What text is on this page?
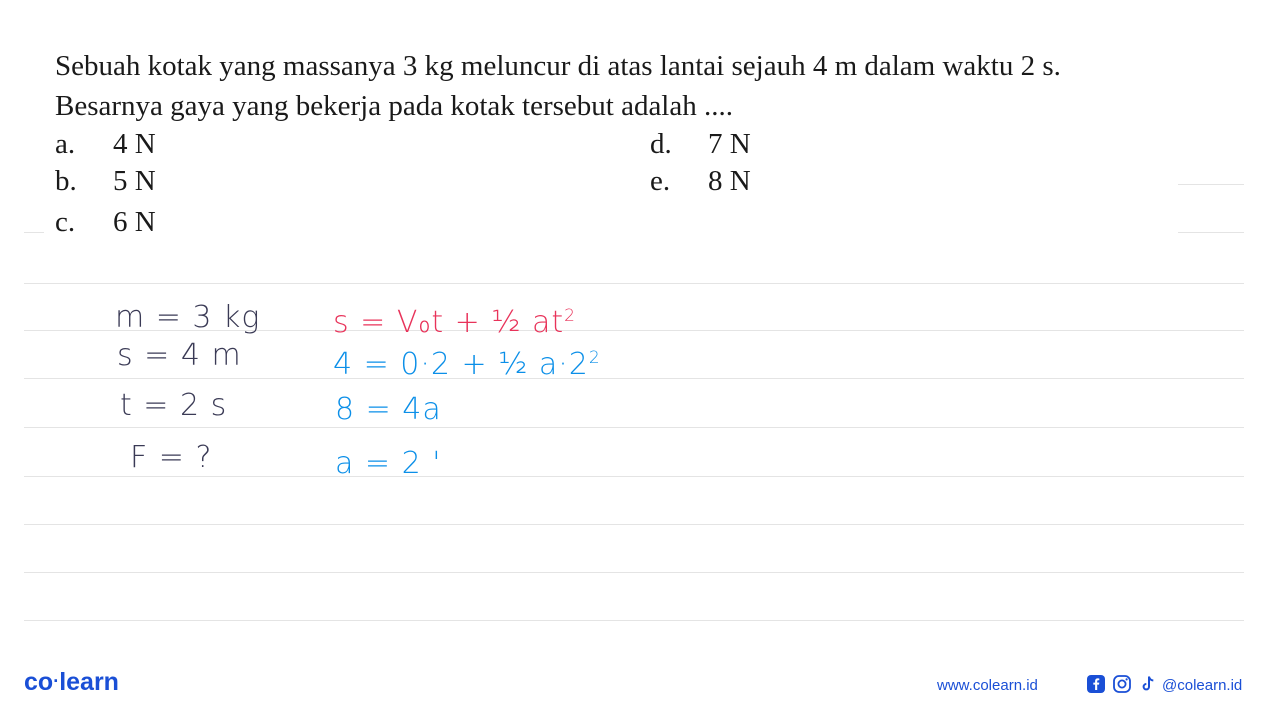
Sebuah kotak yang massanya 3 kg meluncur di atas lantai sejauh 4 m dalam waktu 2 s. Besarnya gaya yang bekerja pada kotak tersebut adalah ....

a. 4 N
b. 5 N
c. 6 N
d. 7 N
e. 8 N
m = 3 kg
s = 4 m
t = 2 s
F = ?
s = V₀t + ½ $at^2$
4 = 0·2 + ½ $a\cdot 2^2$
8 = 4a
a = 2 '
co·learn	www.colearn.id	@colearn.id
